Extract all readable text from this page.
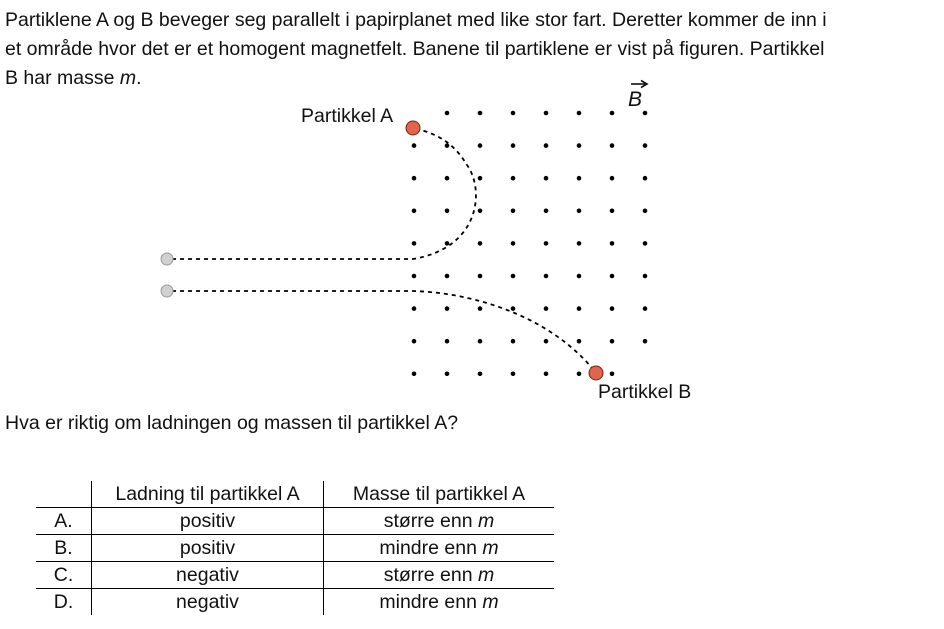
Partiklene A og B beveger seg parallelt i papirplanet med like stor fart. Deretter kommer de inn i

et område hvor det er et homogent magnetfelt. Banene til partiklene er vist på figuren. Partikkel

B har masse m.

Partikkel A
Partikkel B
B
Hva er riktig om ladningen og massen til partikkel A?
	Ladning til partikkel A	Masse til partikkel A
A.	positiv	større enn m
B.	positiv	mindre enn m
C.	negativ	større enn m
D.	negativ	mindre enn m
